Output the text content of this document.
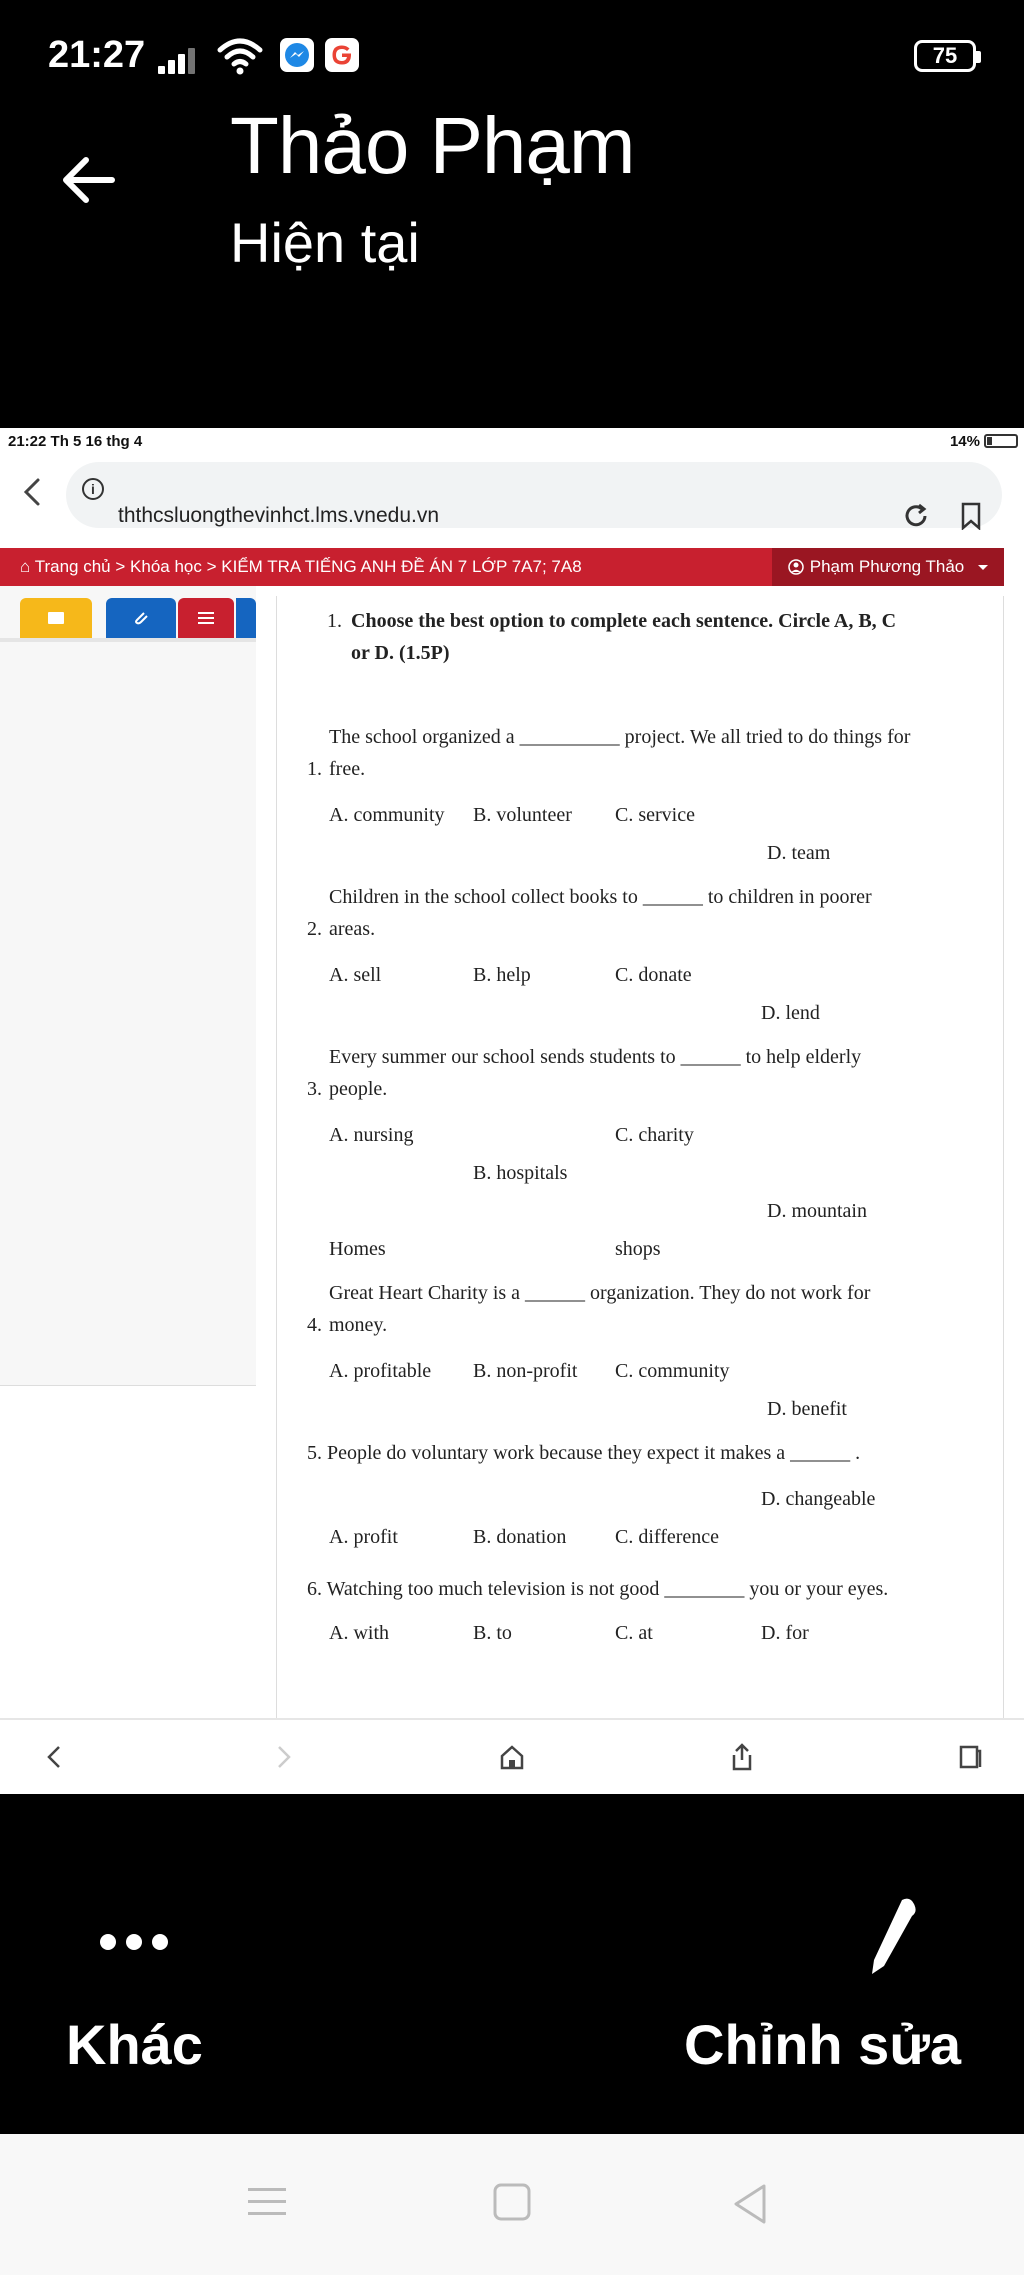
21:27	75
Thảo Phạm
Hiện tại
21:22 Th 5 16 thg 4	14%
i
ththcsluongthevinhct.lms.vnedu.vn
⌂ Trang chủ > Khóa học > KIỂM TRA TIẾNG ANH ĐỀ ÁN 7 LỚP 7A7; 7A8	Phạm Phương Thảo
1. Choose the best option to complete each sentence. Circle A, B, C
or D. (1.5P)
The school organized a __________ project. We all tried to do things for
1. free.
A. community B. volunteer C. service
D. team
Children in the school collect books to ______ to children in poorer
2. areas.
A. sell	B. help	C. donate
D. lend
Every summer our school sends students to ______ to help elderly
3. people.
A. nursing	C. charity
B. hospitals
D. mountain
Homes	shops
Great Heart Charity is a ______ organization. They do not work for
4. money.
A. profitable B. non-profit C. community
D. benefit
5. People do voluntary work because they expect it makes a ______ .
D. changeable
A. profit	B. donation C. difference
6. Watching too much television is not good ________ you or your eyes.
A. with	B. to	C. at	D. for
Khác	Chỉnh sửa
